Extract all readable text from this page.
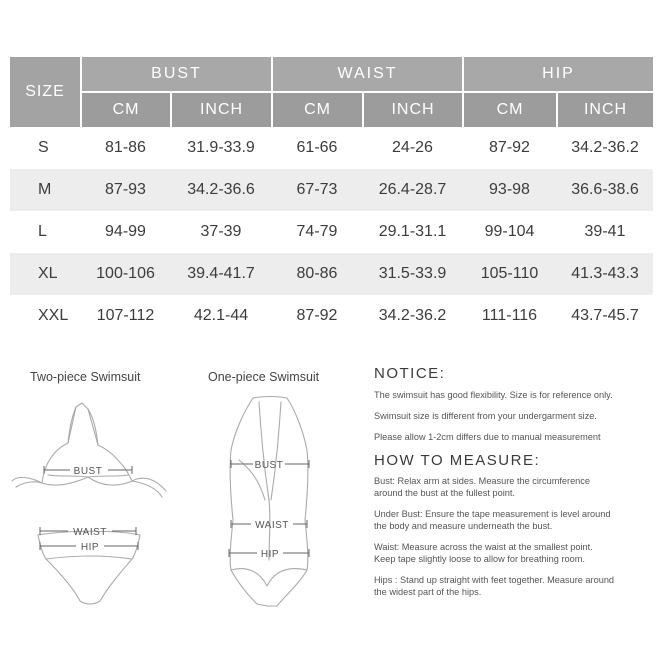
SIZE
BUST
CM	INCH
WAIST
CM	INCH
HIP
CM	INCH
S	81-86	31.9-33.9	61-66	24-26	87-92	34.2-36.2
M	87-93	34.2-36.6	67-73	26.4-28.7	93-98	36.6-38.6
L	94-99	37-39	74-79	29.1-31.1	99-104	39-41
XL	100-106	39.4-41.7	80-86	31.5-33.9	105-110	41.3-43.3
XXL	107-112	42.1-44	87-92	34.2-36.2	111-116	43.7-45.7
Two-piece Swimsuit
BUST
WAIST
HIP
One-piece Swimsuit
BUST
WAIST
HIP
NOTICE:
The swimsuit has good flexibility. Size is for reference only.
Swimsuit size is different from your undergarment size.
Please allow 1-2cm differs due to manual measurement
HOW TO MEASURE:
Bust: Relax arm at sides. Measure the circumference
around the bust at the fullest point.
Under Bust: Ensure the tape measurement is level around
the body and measure underneath the bust.
Waist: Measure across the waist at the smallest point.
Keep tape slightly loose to allow for breathing room.
Hips : Stand up straight with feet together. Measure around
the widest part of the hips.
